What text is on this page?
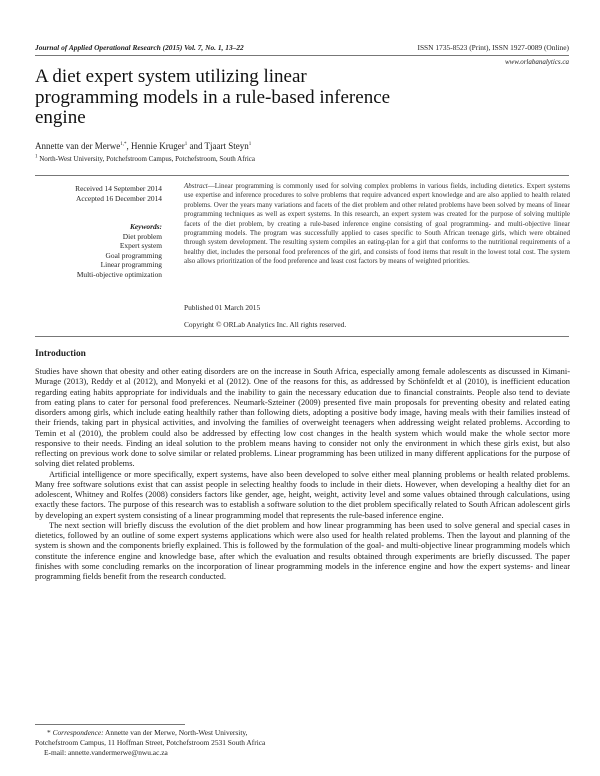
Journal of Applied Operational Research (2015) Vol. 7, No. 1, 13–22	ISSN 1735-8523 (Print), ISSN 1927-0089 (Online)
www.orlabanalytics.ca
A diet expert system utilizing linear programming models in a rule-based inference engine
Annette van der Merwe$^{1,*}$, Hennie Kruger$^1$ and Tjaart Steyn$^1$
$^1$ North-West University, Potchefstroom Campus, Potchefstroom, South Africa
Received 14 September 2014
Accepted 16 December 2014
Keywords:
Diet problem
Expert system
Goal programming
Linear programming
Multi-objective optimization
Abstract—Linear programming is commonly used for solving complex problems in various fields, including dietetics. Expert systems use expertise and inference procedures to solve problems that require advanced expert knowledge and are also applied to health related problems. Over the years many variations and facets of the diet problem and other related problems have been solved by means of linear programming techniques as well as expert systems. In this research, an expert system was created for the purpose of solving multiple facets of the diet problem, by creating a rule-based inference engine consisting of goal programming- and multi-objective linear programming models. The program was successfully applied to cases specific to South African teenage girls, which were obtained through system development. The resulting system compiles an eating-plan for a girl that conforms to the nutritional requirements of a healthy diet, includes the personal food preferences of the girl, and consists of food items that result in the lowest total cost. The system also allows prioritization of the food preference and least cost factors by means of weighted priorities.
Published 01 March 2015
Copyright © ORLab Analytics Inc. All rights reserved.
Introduction

Studies have shown that obesity and other eating disorders are on the increase in South Africa, especially among female adolescents as discussed in Kimani-Murage (2013), Reddy et al (2012), and Monyeki et al (2012). One of the reasons for this, as addressed by Schönfeldt et al (2010), is inefficient education regarding eating habits appropriate for individuals and the inability to gain the necessary education due to financial constraints. People also tend to deviate from eating plans to cater for personal food preferences. Neumark-Szteiner (2009) presented five main proposals for preventing obesity and related eating disorders among girls, which include eating healthily rather than following diets, adopting a positive body image, having meals with their families instead of their friends, taking part in physical activities, and involving the families of overweight teenagers when addressing weight related problems. According to Temin et al (2010), the problem could also be addressed by effecting low cost changes in the health system which would make the whole sector more responsive to their needs. Finding an ideal solution to the problem means having to consider not only the environment in which these girls exist, but also reflecting on previous work done to solve similar or related problems. Linear programming has been utilized in many different applications for the purpose of solving diet related problems.

Artificial intelligence or more specifically, expert systems, have also been developed to solve either meal planning problems or health related problems. Many free software solutions exist that can assist people in selecting healthy foods to include in their diets. However, when developing a healthy diet for an adolescent, Whitney and Rolfes (2008) considers factors like gender, age, height, weight, activity level and some values obtained through calculations, using exactly these factors. The purpose of this research was to establish a software solution to the diet problem specifically related to South African adolescent girls by developing an expert system consisting of a linear programming model that represents the rule-based inference engine.

The next section will briefly discuss the evolution of the diet problem and how linear programming has been used to solve general and special cases in dietetics, followed by an outline of some expert systems applications which were also used for health related problems. Then the layout and planning of the system is shown and the components briefly explained. This is followed by the formulation of the goal- and multi-objective linear programming models which constitute the inference engine and knowledge base, after which the evaluation and results obtained through experiments are briefly discussed. The paper finishes with some concluding remarks on the incorporation of linear programming models in the inference engine and how the expert systems- and linear programming fields benefit from the research conducted.

* Correspondence: Annette van der Merwe, North-West University,
Potchefstroom Campus, 11 Hoffman Street, Potchefstroom 2531 South Africa
E-mail: annette.vandermerwe@nwu.ac.za
